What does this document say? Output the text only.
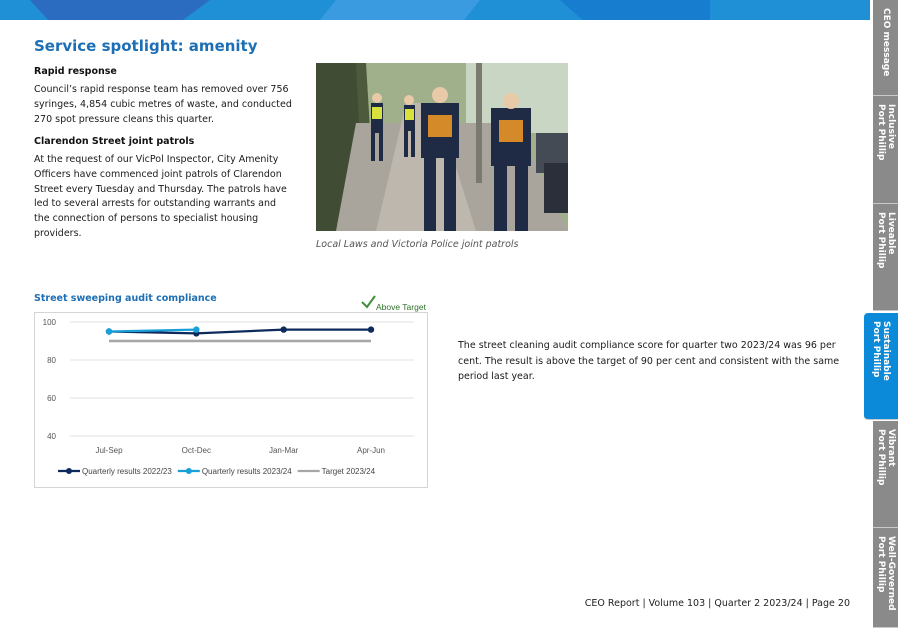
Service spotlight: amenity
Rapid response

Council’s rapid response team has removed over 756 syringes, 4,854 cubic metres of waste, and conducted 270 spot pressure cleans this quarter.

Clarendon Street joint patrols

At the request of our VicPol Inspector, City Amenity Officers have commenced joint patrols of Clarendon Street every Tuesday and Thursday. The patrols have led to several arrests for outstanding warrants and the connection of persons to specialist housing providers.

Local Laws and Victoria Police joint patrols

Street sweeping audit compliance
Above Target
40
60
80
100
Jul-Sep	Oct-Dec	Jan-Mar	Apr-Jun
Quarterly results 2022/23	Quarterly results 2023/24	Target 2023/24

The street cleaning audit compliance score for quarter two 2023/24 was 96 per cent. The result is above the target of 90 per cent and consistent with the same period last year.

CEO Report | Volume 103 | Quarter 2 2023/24 | Page 20

CEO message
Inclusive
Port Phillip
Liveable
Port Phillip
Sustainable
Port Phillip
Vibrant
Port Phillip
Well-Governed
Port Phillip
